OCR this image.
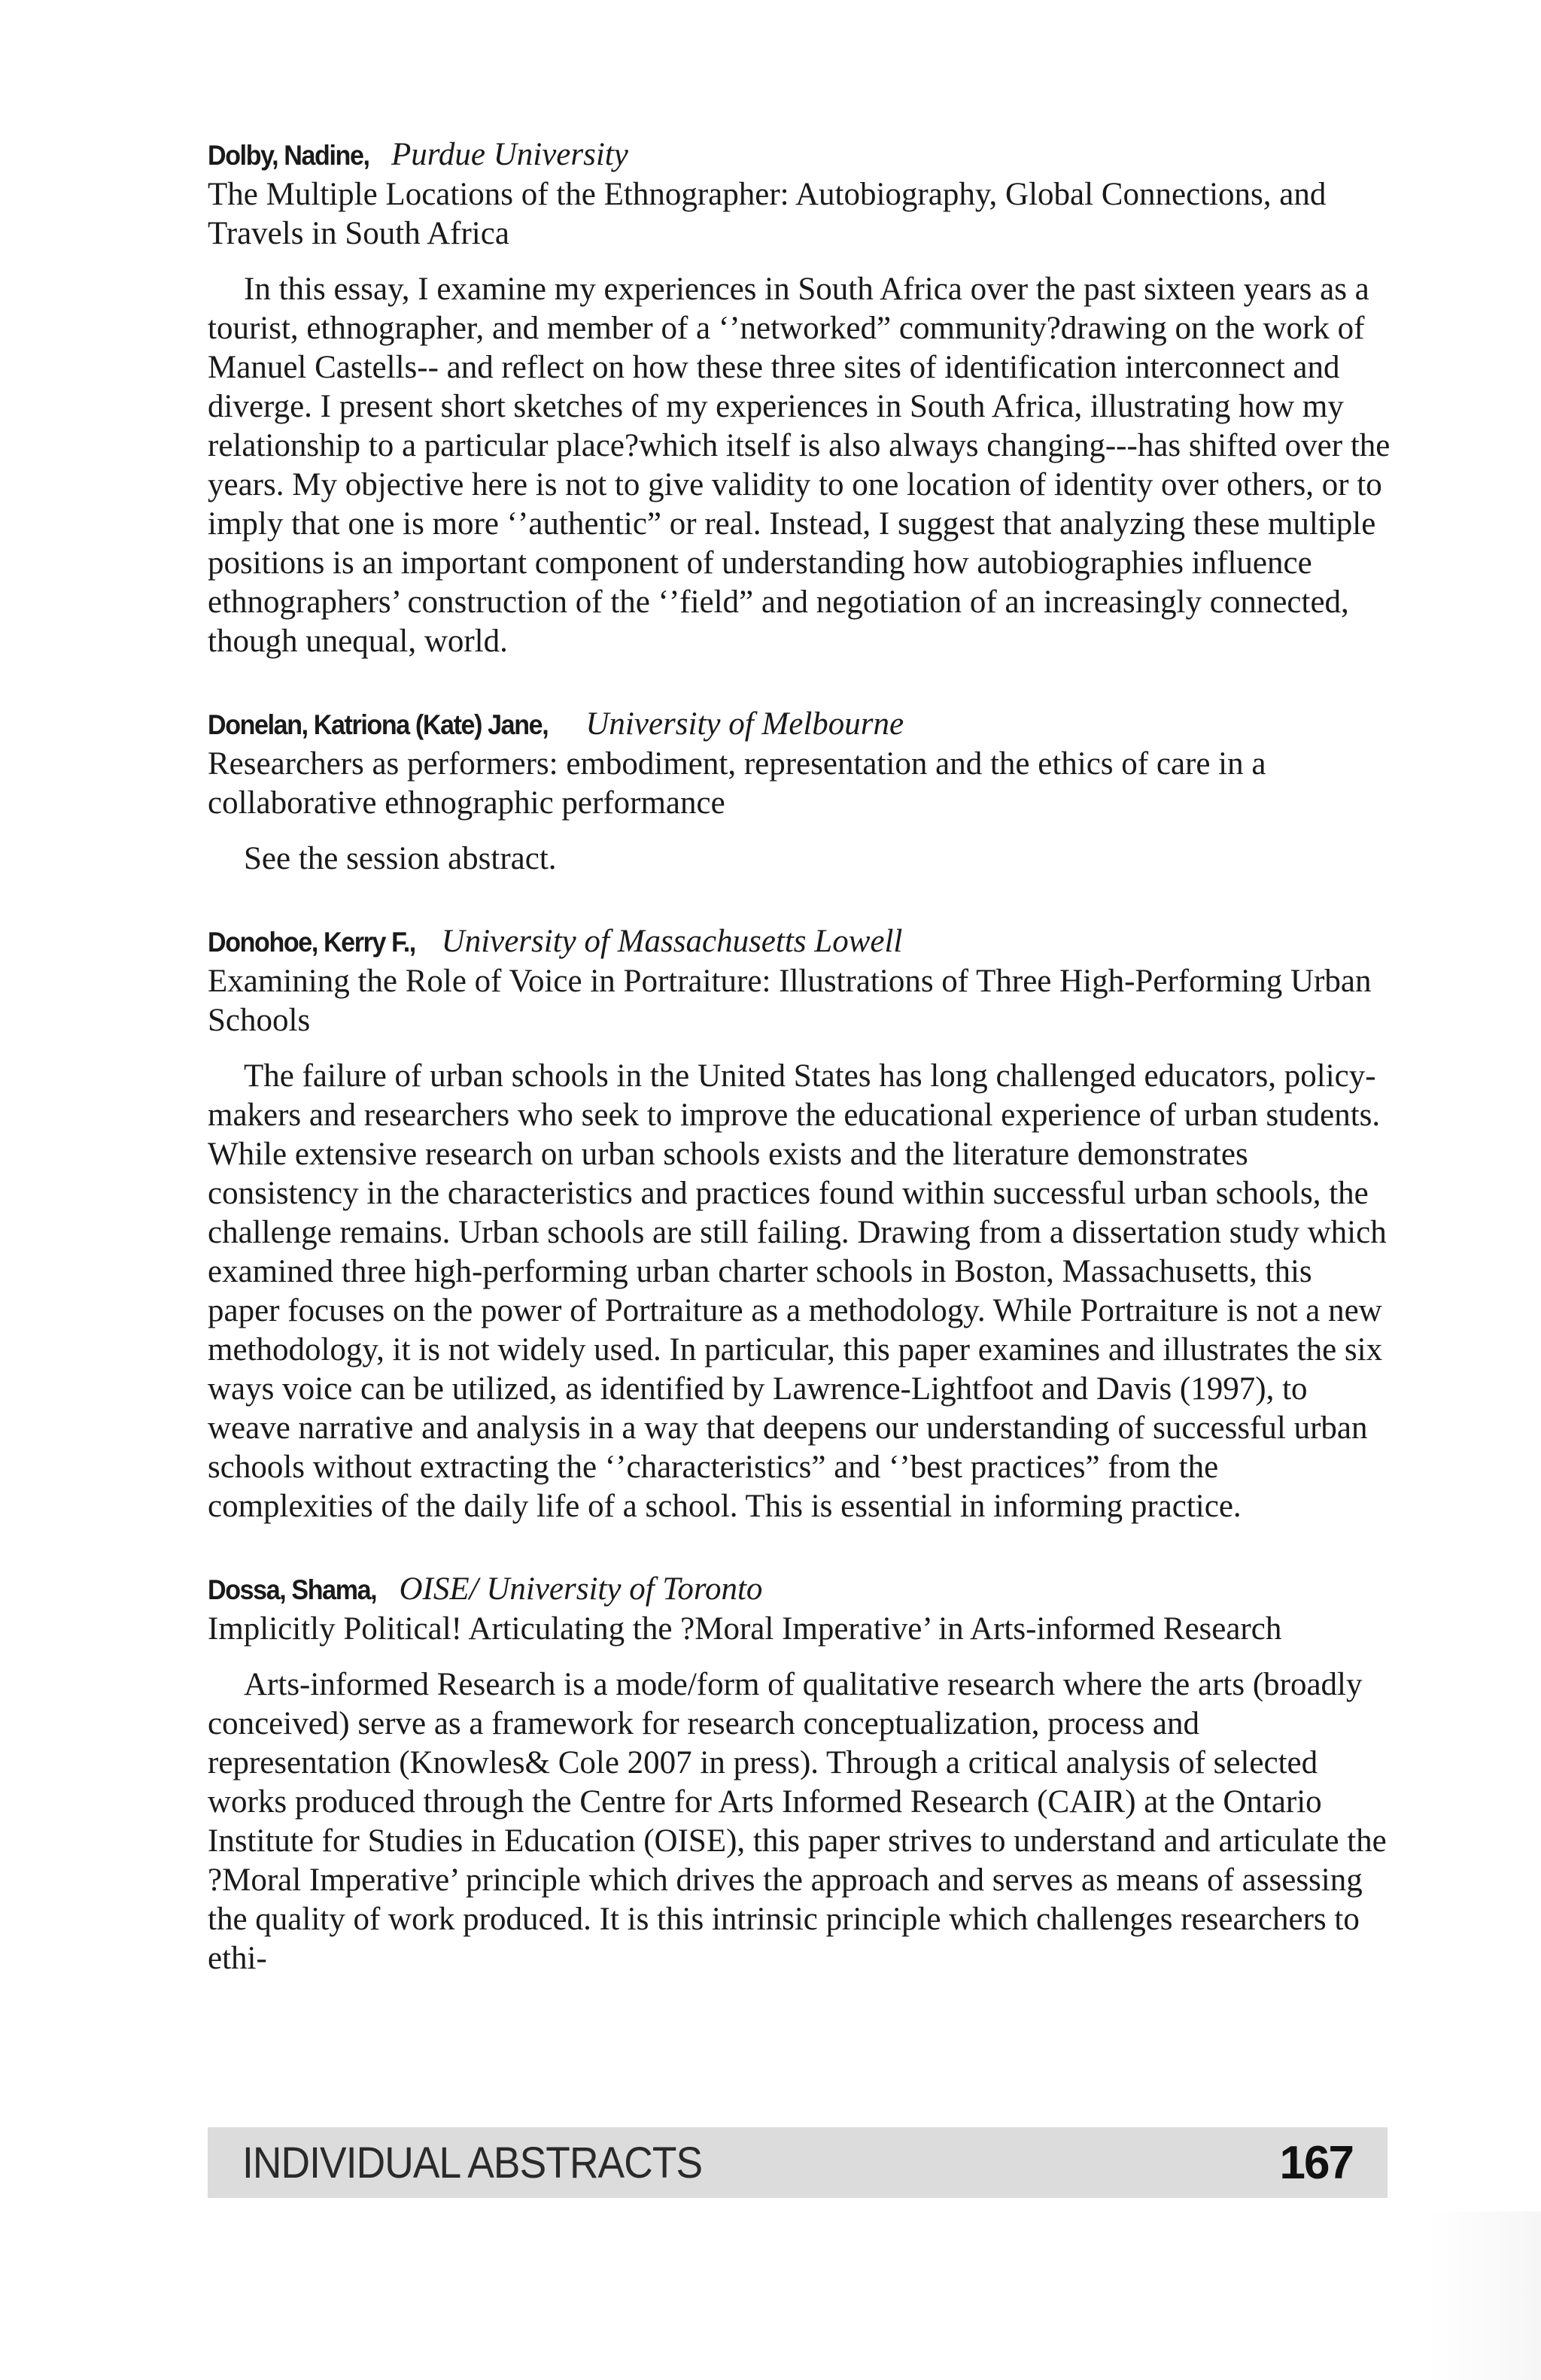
Dolby, Nadine, Purdue University

The Multiple Locations of the Ethnographer: Autobiography, Global Connections, and Travels in South Africa

In this essay, I examine my experiences in South Africa over the past sixteen years as a tourist, ethnographer, and member of a ‘’networked” community?drawing on the work of Manuel Castells-- and reflect on how these three sites of identification interconnect and diverge. I present short sketches of my experiences in South Africa, illustrating how my relationship to a particular place?which itself is also always changing---has shifted over the years. My objective here is not to give validity to one location of identity over others, or to imply that one is more ‘’authentic” or real. Instead, I suggest that analyzing these multiple positions is an important component of understanding how autobiographies influence ethnographers’ construction of the ‘’field” and negotiation of an increasingly connected, though unequal, world.

Donelan, Katriona (Kate) Jane, University of Melbourne

Researchers as performers: embodiment, representation and the ethics of care in a collaborative ethnographic performance

See the session abstract.

Donohoe, Kerry F., University of Massachusetts Lowell

Examining the Role of Voice in Portraiture: Illustrations of Three High-Performing Urban Schools

The failure of urban schools in the United States has long challenged educators, policy-makers and researchers who seek to improve the educational experience of urban students. While extensive research on urban schools exists and the literature demonstrates consistency in the characteristics and practices found within successful urban schools, the challenge remains. Urban schools are still failing. Drawing from a dissertation study which examined three high-performing urban charter schools in Boston, Massachusetts, this paper focuses on the power of Portraiture as a methodology. While Portraiture is not a new methodology, it is not widely used. In particular, this paper examines and illustrates the six ways voice can be utilized, as identified by Lawrence-Lightfoot and Davis (1997), to weave narrative and analysis in a way that deepens our understanding of successful urban schools without extracting the ‘’characteristics” and ‘’best practices” from the complexities of the daily life of a school. This is essential in informing practice.

Dossa, Shama, OISE/ University of Toronto

Implicitly Political! Articulating the ?Moral Imperative’ in Arts-informed Research

Arts-informed Research is a mode/form of qualitative research where the arts (broadly conceived) serve as a framework for research conceptualization, process and representation (Knowles& Cole 2007 in press). Through a critical analysis of selected works produced through the Centre for Arts Informed Research (CAIR) at the Ontario Institute for Studies in Education (OISE), this paper strives to understand and articulate the ?Moral Imperative’ principle which drives the approach and serves as means of assessing the quality of work produced. It is this intrinsic principle which challenges researchers to ethi-

INDIVIDUAL ABSTRACTS	167
